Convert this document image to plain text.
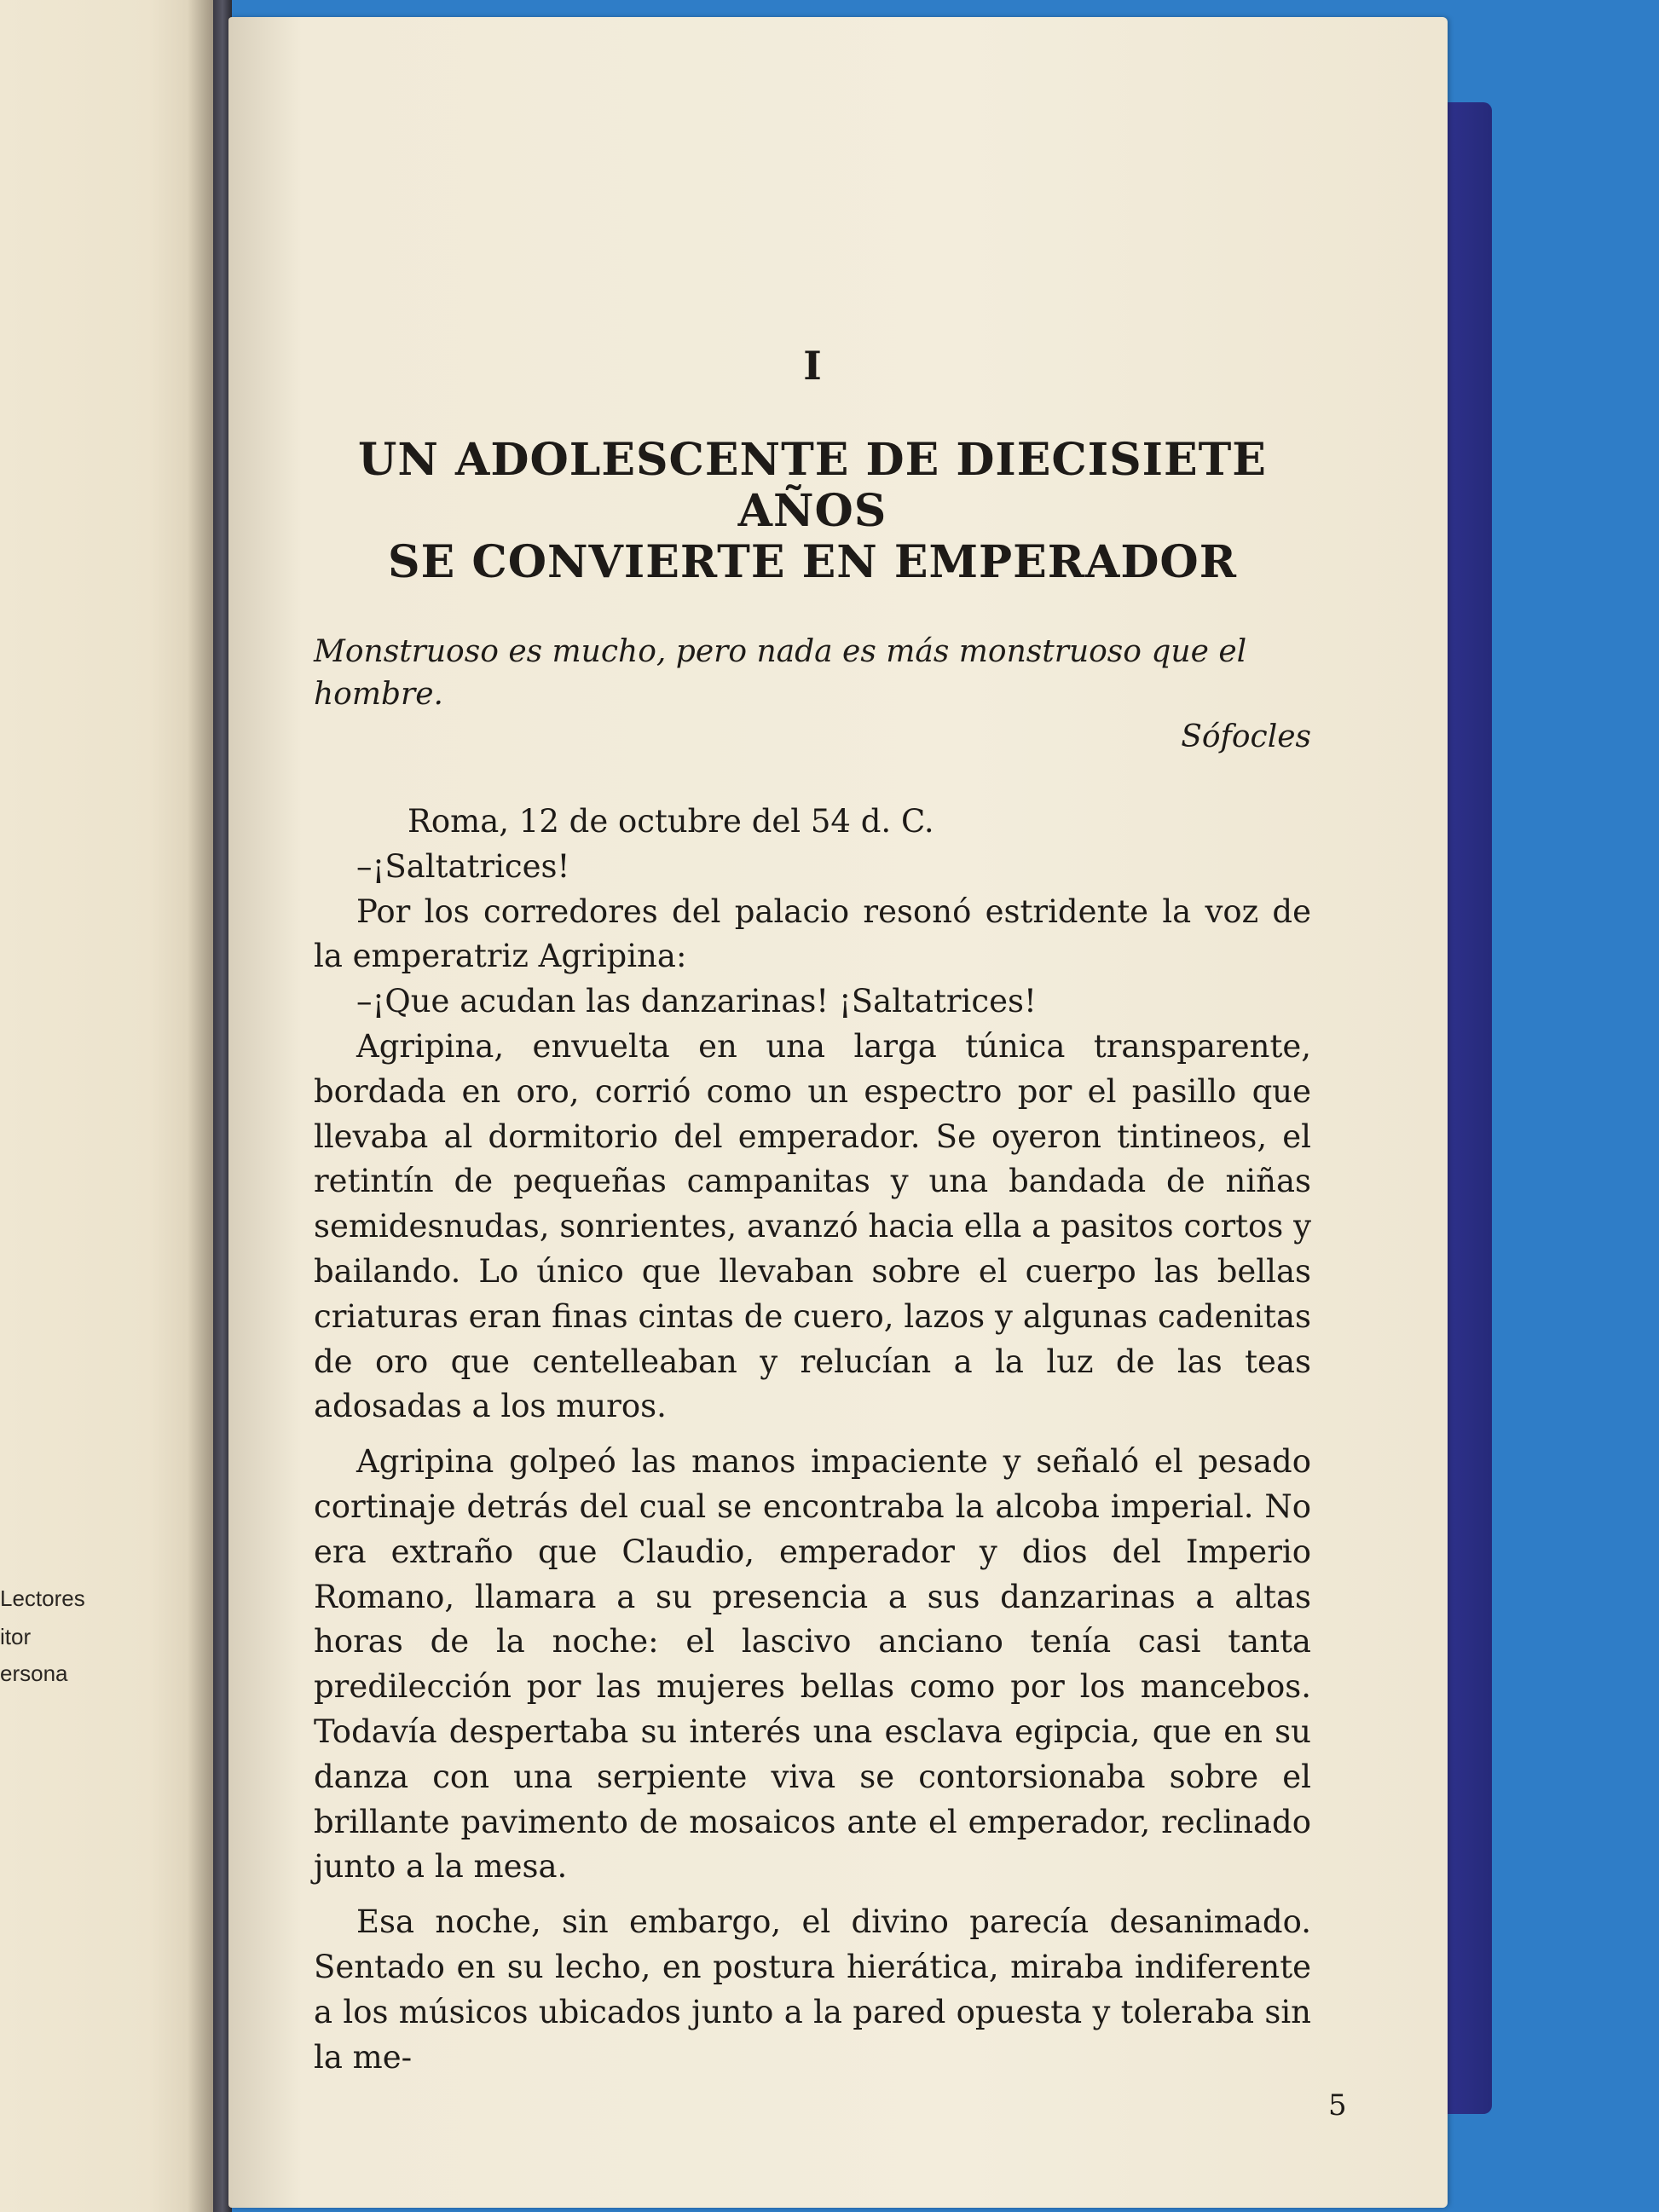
Lectores
itor
ersona
I
UN ADOLESCENTE DE DIECISIETE AÑOS
SE CONVIERTE EN EMPERADOR
Monstruoso es mucho, pero nada es más monstruoso que el hombre.
Sófocles

Roma, 12 de octubre del 54 d. C.

–¡Saltatrices!

Por los corredores del palacio resonó estridente la voz de la emperatriz Agripina:

–¡Que acudan las danzarinas! ¡Saltatrices!

Agripina, envuelta en una larga túnica transparente, bordada en oro, corrió como un espectro por el pasillo que llevaba al dormitorio del emperador. Se oyeron tintineos, el retintín de pequeñas campanitas y una bandada de niñas semidesnudas, sonrientes, avanzó hacia ella a pasitos cortos y bailando. Lo único que llevaban sobre el cuerpo las bellas criaturas eran finas cintas de cuero, lazos y algunas cadenitas de oro que centelleaban y relucían a la luz de las teas adosadas a los muros.

Agripina golpeó las manos impaciente y señaló el pesado cortinaje detrás del cual se encontraba la alcoba imperial. No era extraño que Claudio, emperador y dios del Imperio Romano, llamara a su presencia a sus danzarinas a altas horas de la noche: el lascivo anciano tenía casi tanta predilección por las mujeres bellas como por los mancebos. Todavía despertaba su interés una esclava egipcia, que en su danza con una serpiente viva se contorsionaba sobre el brillante pavimento de mosaicos ante el emperador, reclinado junto a la mesa.

Esa noche, sin embargo, el divino parecía desanimado. Sentado en su lecho, en postura hierática, miraba indiferente a los músicos ubicados junto a la pared opuesta y toleraba sin la me-

5
